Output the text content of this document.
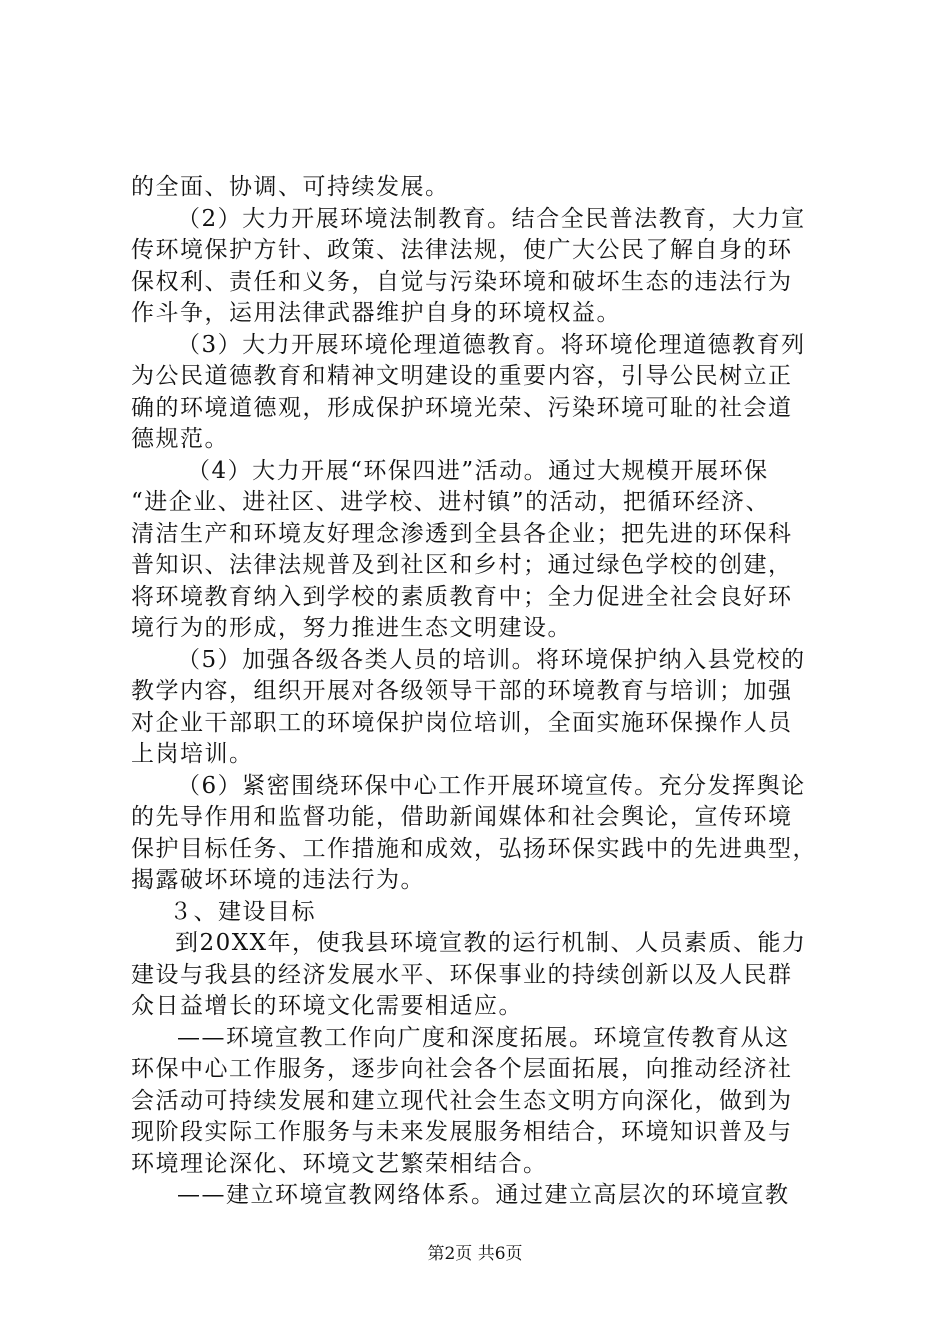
的全面、协调、可持续发展。
（2）大力开展环境法制教育。结合全民普法教育，大力宣
传环境保护方针、政策、法律法规，使广大公民了解自身的环
保权利、责任和义务，自觉与污染环境和破坏生态的违法行为
作斗争，运用法律武器维护自身的环境权益。
（3）大力开展环境伦理道德教育。将环境伦理道德教育列
为公民道德教育和精神文明建设的重要内容，引导公民树立正
确的环境道德观，形成保护环境光荣、污染环境可耻的社会道
德规范。
（4）大力开展“环保四进”活动。通过大规模开展环保
“进企业、进社区、进学校、进村镇”的活动，把循环经济、
清洁生产和环境友好理念渗透到全县各企业；把先进的环保科
普知识、法律法规普及到社区和乡村；通过绿色学校的创建，
将环境教育纳入到学校的素质教育中；全力促进全社会良好环
境行为的形成，努力推进生态文明建设。
（5）加强各级各类人员的培训。将环境保护纳入县党校的
教学内容，组织开展对各级领导干部的环境教育与培训；加强
对企业干部职工的环境保护岗位培训，全面实施环保操作人员
上岗培训。
（6）紧密围绕环保中心工作开展环境宣传。充分发挥舆论
的先导作用和监督功能，借助新闻媒体和社会舆论，宣传环境
保护目标任务、工作措施和成效，弘扬环保实践中的先进典型，
揭露破坏环境的违法行为。
３、建设目标
到20XX年，使我县环境宣教的运行机制、人员素质、能力
建设与我县的经济发展水平、环保事业的持续创新以及人民群
众日益增长的环境文化需要相适应。
——环境宣教工作向广度和深度拓展。环境宣传教育从这
环保中心工作服务，逐步向社会各个层面拓展，向推动经济社
会活动可持续发展和建立现代社会生态文明方向深化，做到为
现阶段实际工作服务与未来发展服务相结合，环境知识普及与
环境理论深化、环境文艺繁荣相结合。
——建立环境宣教网络体系。通过建立高层次的环境宣教
第2页 共6页
